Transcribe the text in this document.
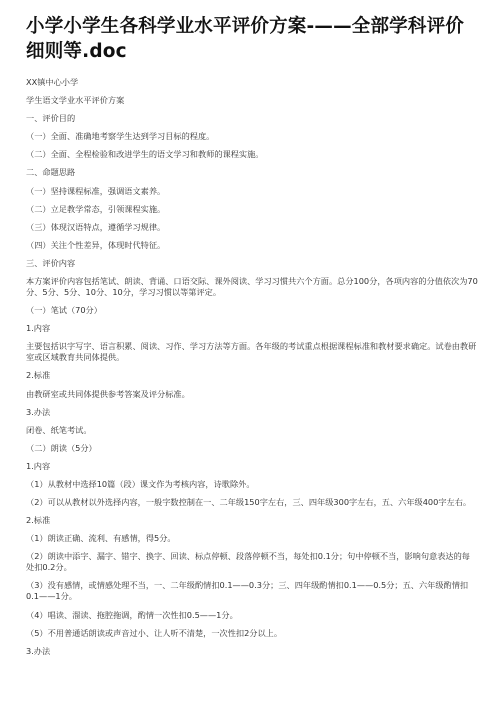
小学小学生各科学业水平评价方案-——全部学科评价细则等.doc

XX镇中心小学

学生语文学业水平评价方案

一、评价目的

（一）全面、准确地考察学生达到学习目标的程度。

（二）全面、全程检验和改进学生的语文学习和教师的课程实施。

二、命题思路

（一）坚持课程标准，强调语文素养。

（二）立足教学常态，引领课程实施。

（三）体现汉语特点，遵循学习规律。

（四）关注个性差异，体现时代特征。

三、评价内容

本方案评价内容包括笔试、朗读、背诵、口语交际、课外阅读、学习习惯共六个方面。总分100分，各项内容的分值依次为70分、5分、5分、10分、10分，学习习惯以等第评定。

（一）笔试（70分）

1.内容

主要包括识字写字、语言积累、阅读、习作、学习方法等方面。各年级的考试重点根据课程标准和教材要求确定。试卷由教研室或区域教育共同体提供。

2.标准

由教研室或共同体提供参考答案及评分标准。

3.办法

闭卷、纸笔考试。

（二）朗读（5分）

1.内容

（1）从教材中选择10篇（段）课文作为考核内容，诗歌除外。

（2）可以从教材以外选择内容，一般字数控制在一、二年级150字左右，三、四年级300字左右，五、六年级400字左右。

2.标准

（1）朗读正确、流利、有感情，得5分。

（2）朗读中添字、漏字、错字、换字、回读、标点停顿、段落停顿不当，每处扣0.1分；句中停顿不当，影响句意表达的每处扣0.2分。

（3）没有感情，或情感处理不当，一、二年级酌情扣0.1——0.3分；三、四年级酌情扣0.1——0.5分；五、六年级酌情扣0.1——1分。

（4）唱读、溜读、拖腔拖调，酌情一次性扣0.5——1分。

（5）不用普通话朗读或声音过小、让人听不清楚，一次性扣2分以上。

3.办法
